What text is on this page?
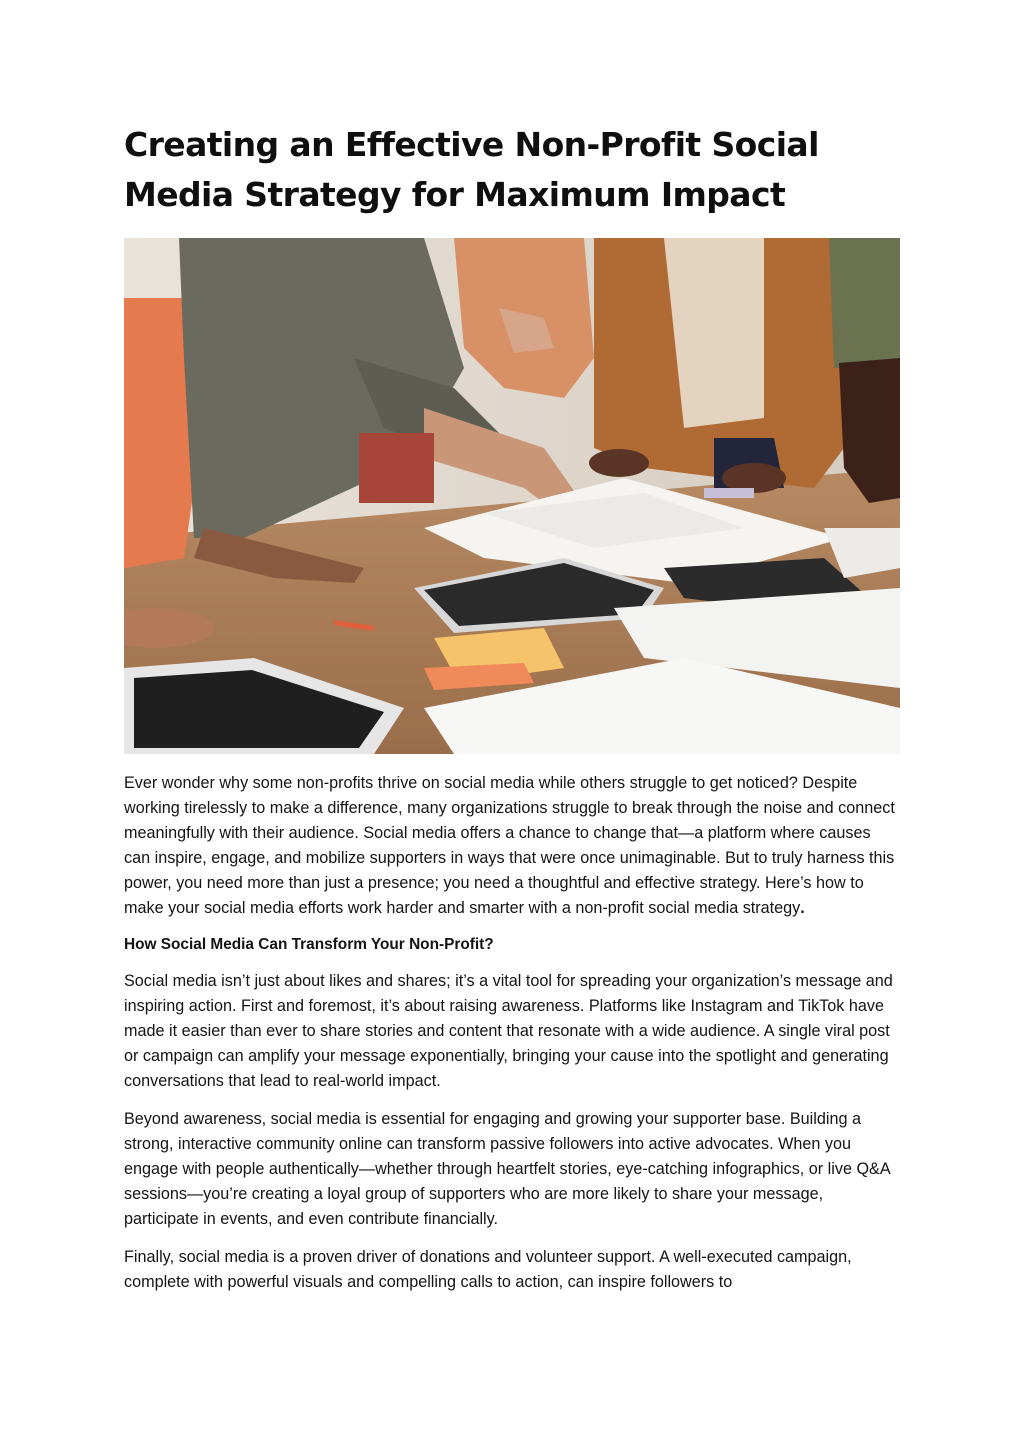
Creating an Effective Non-Profit Social Media Strategy for Maximum Impact

Ever wonder why some non-profits thrive on social media while others struggle to get noticed? Despite working tirelessly to make a difference, many organizations struggle to break through the noise and connect meaningfully with their audience. Social media offers a chance to change that—a platform where causes can inspire, engage, and mobilize supporters in ways that were once unimaginable. But to truly harness this power, you need more than just a presence; you need a thoughtful and effective strategy. Here’s how to make your social media efforts work harder and smarter with a non-profit social media strategy.

How Social Media Can Transform Your Non-Profit?

Social media isn’t just about likes and shares; it’s a vital tool for spreading your organization’s message and inspiring action. First and foremost, it’s about raising awareness. Platforms like Instagram and TikTok have made it easier than ever to share stories and content that resonate with a wide audience. A single viral post or campaign can amplify your message exponentially, bringing your cause into the spotlight and generating conversations that lead to real-world impact.

Beyond awareness, social media is essential for engaging and growing your supporter base. Building a strong, interactive community online can transform passive followers into active advocates. When you engage with people authentically—whether through heartfelt stories, eye-catching infographics, or live Q&A sessions—you’re creating a loyal group of supporters who are more likely to share your message, participate in events, and even contribute financially.

Finally, social media is a proven driver of donations and volunteer support. A well-executed campaign, complete with powerful visuals and compelling calls to action, can inspire followers to
